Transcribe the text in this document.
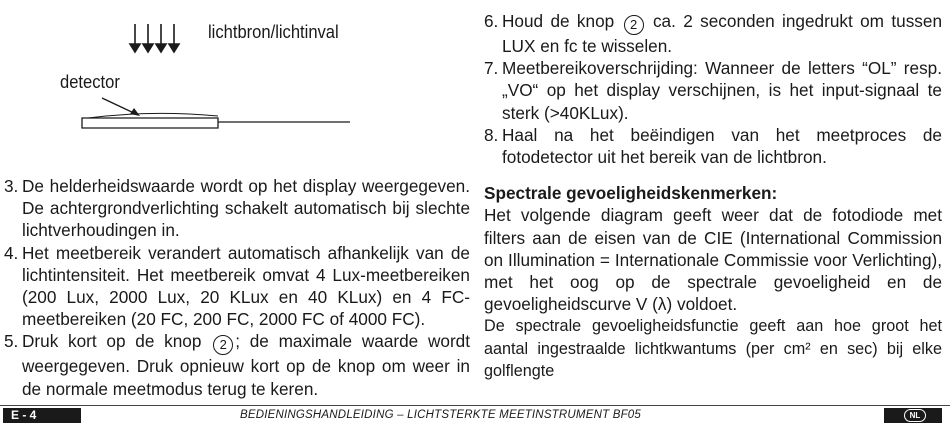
lichtbron/lichtinval
detector
3. De helderheidswaarde wordt op het display weergegeven. De achtergrondverlichting schakelt automatisch bij slechte lichtverhoudingen in.
4. Het meetbereik verandert automatisch afhankelijk van de lichtintensiteit. Het meetbereik omvat 4 Lux-meetbereiken (200 Lux, 2000 Lux, 20 KLux en 40 KLux) en 4 FC-meetbereiken (20 FC, 200 FC, 2000 FC of 4000 FC).
5. Druk kort op de knop 2 ; de maximale waarde wordt weergegeven. Druk opnieuw kort op de knop om weer in de normale meetmodus terug te keren.
6. Houd de knop 2 ca. 2 seconden ingedrukt om tussen LUX en fc te wisselen.
7. Meetbereikoverschrijding: Wanneer de letters “OL” resp. „VO“ op het display verschijnen, is het input-signaal te sterk (>40KLux).
8. Haal na het beëindigen van het meetproces de fotodetector uit het bereik van de lichtbron.
Spectrale gevoeligheidskenmerken:
Het volgende diagram geeft weer dat de fotodiode met filters aan de eisen van de CIE (International Commission on Illumination = Internationale Commissie voor Verlichting), met het oog op de spectrale gevoeligheid en de gevoeligheidscurve V (λ) voldoet.
De spectrale gevoeligheidsfunctie geeft aan hoe groot het aantal ingestraalde lichtkwantums (per cm² en sec) bij elke golflengte
E - 4	BEDIENINGSHANDLEIDING – LICHTSTERKTE MEETINSTRUMENT BF05	NL
